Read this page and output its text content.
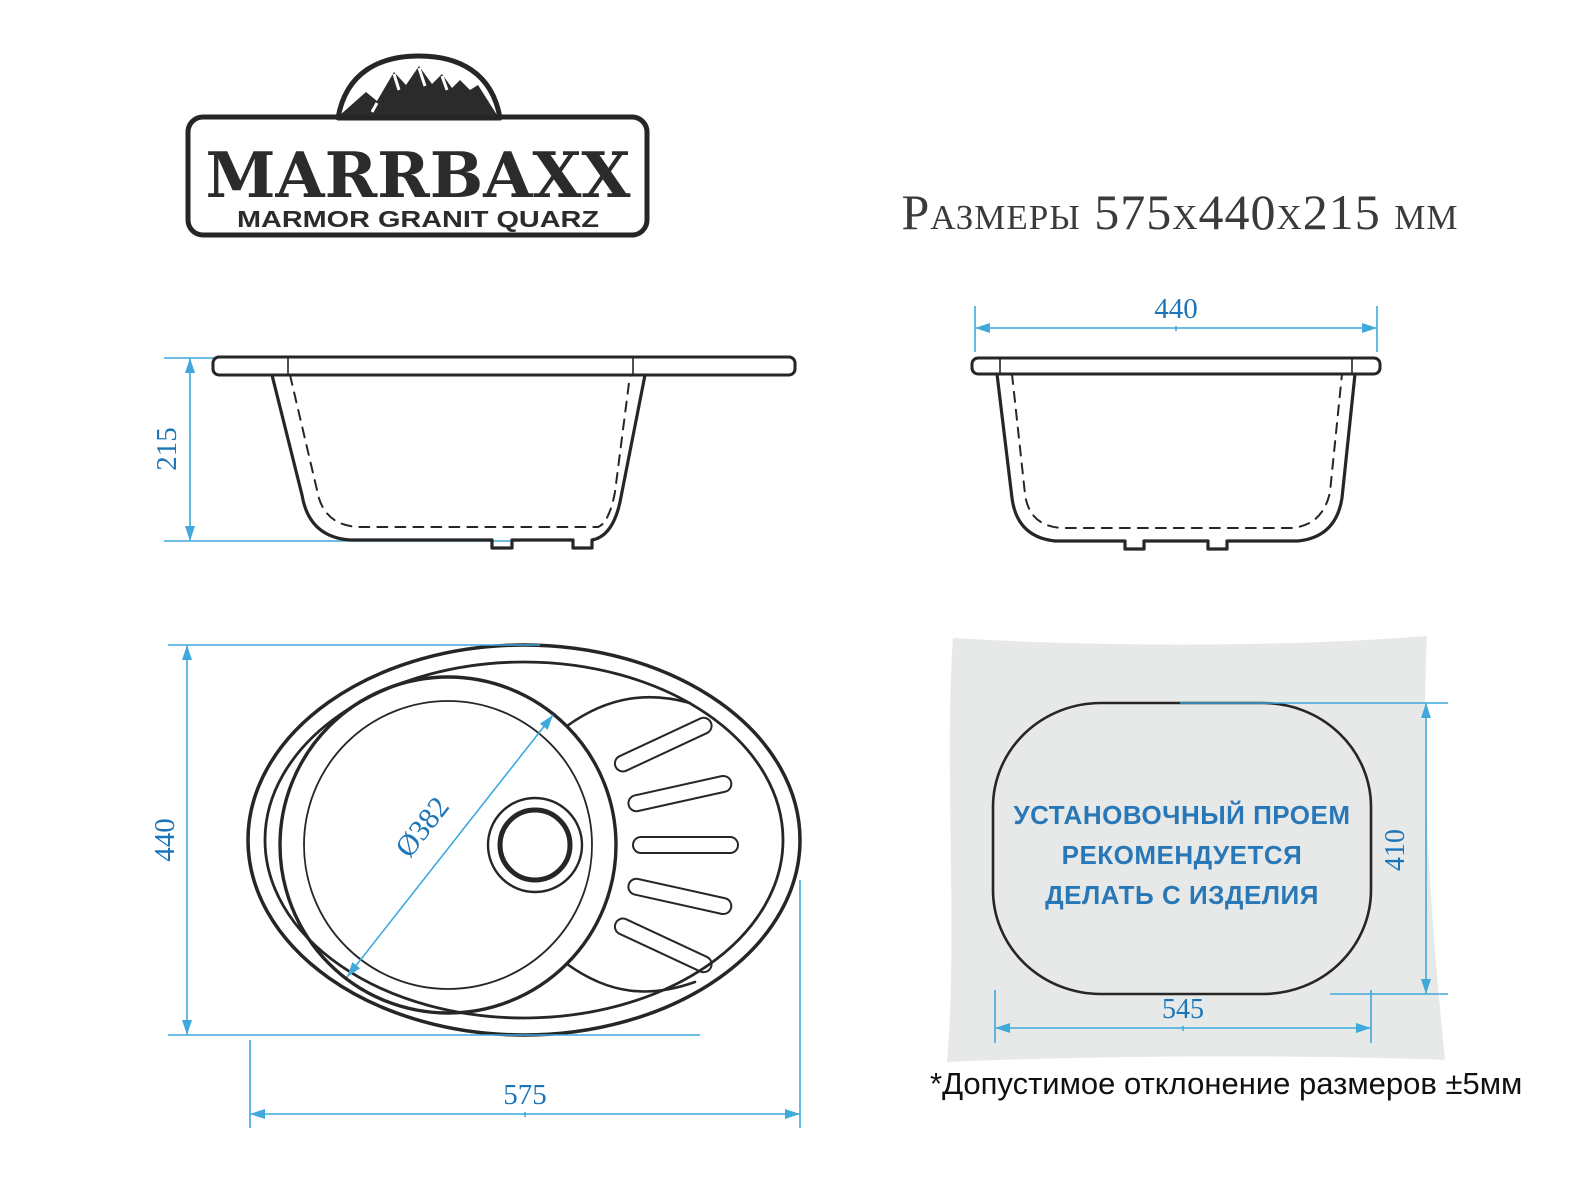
MARRBAXX
MARMOR GRANIT QUARZ
215
440
Ø382
440
575
410
545
Размеры 575x440x215 мм
УСТАНОВОЧНЫЙ ПРОЕМ
РЕКОМЕНДУЕТСЯ
ДЕЛАТЬ С ИЗДЕЛИЯ
*Допустимое отклонение размеров ±5мм
